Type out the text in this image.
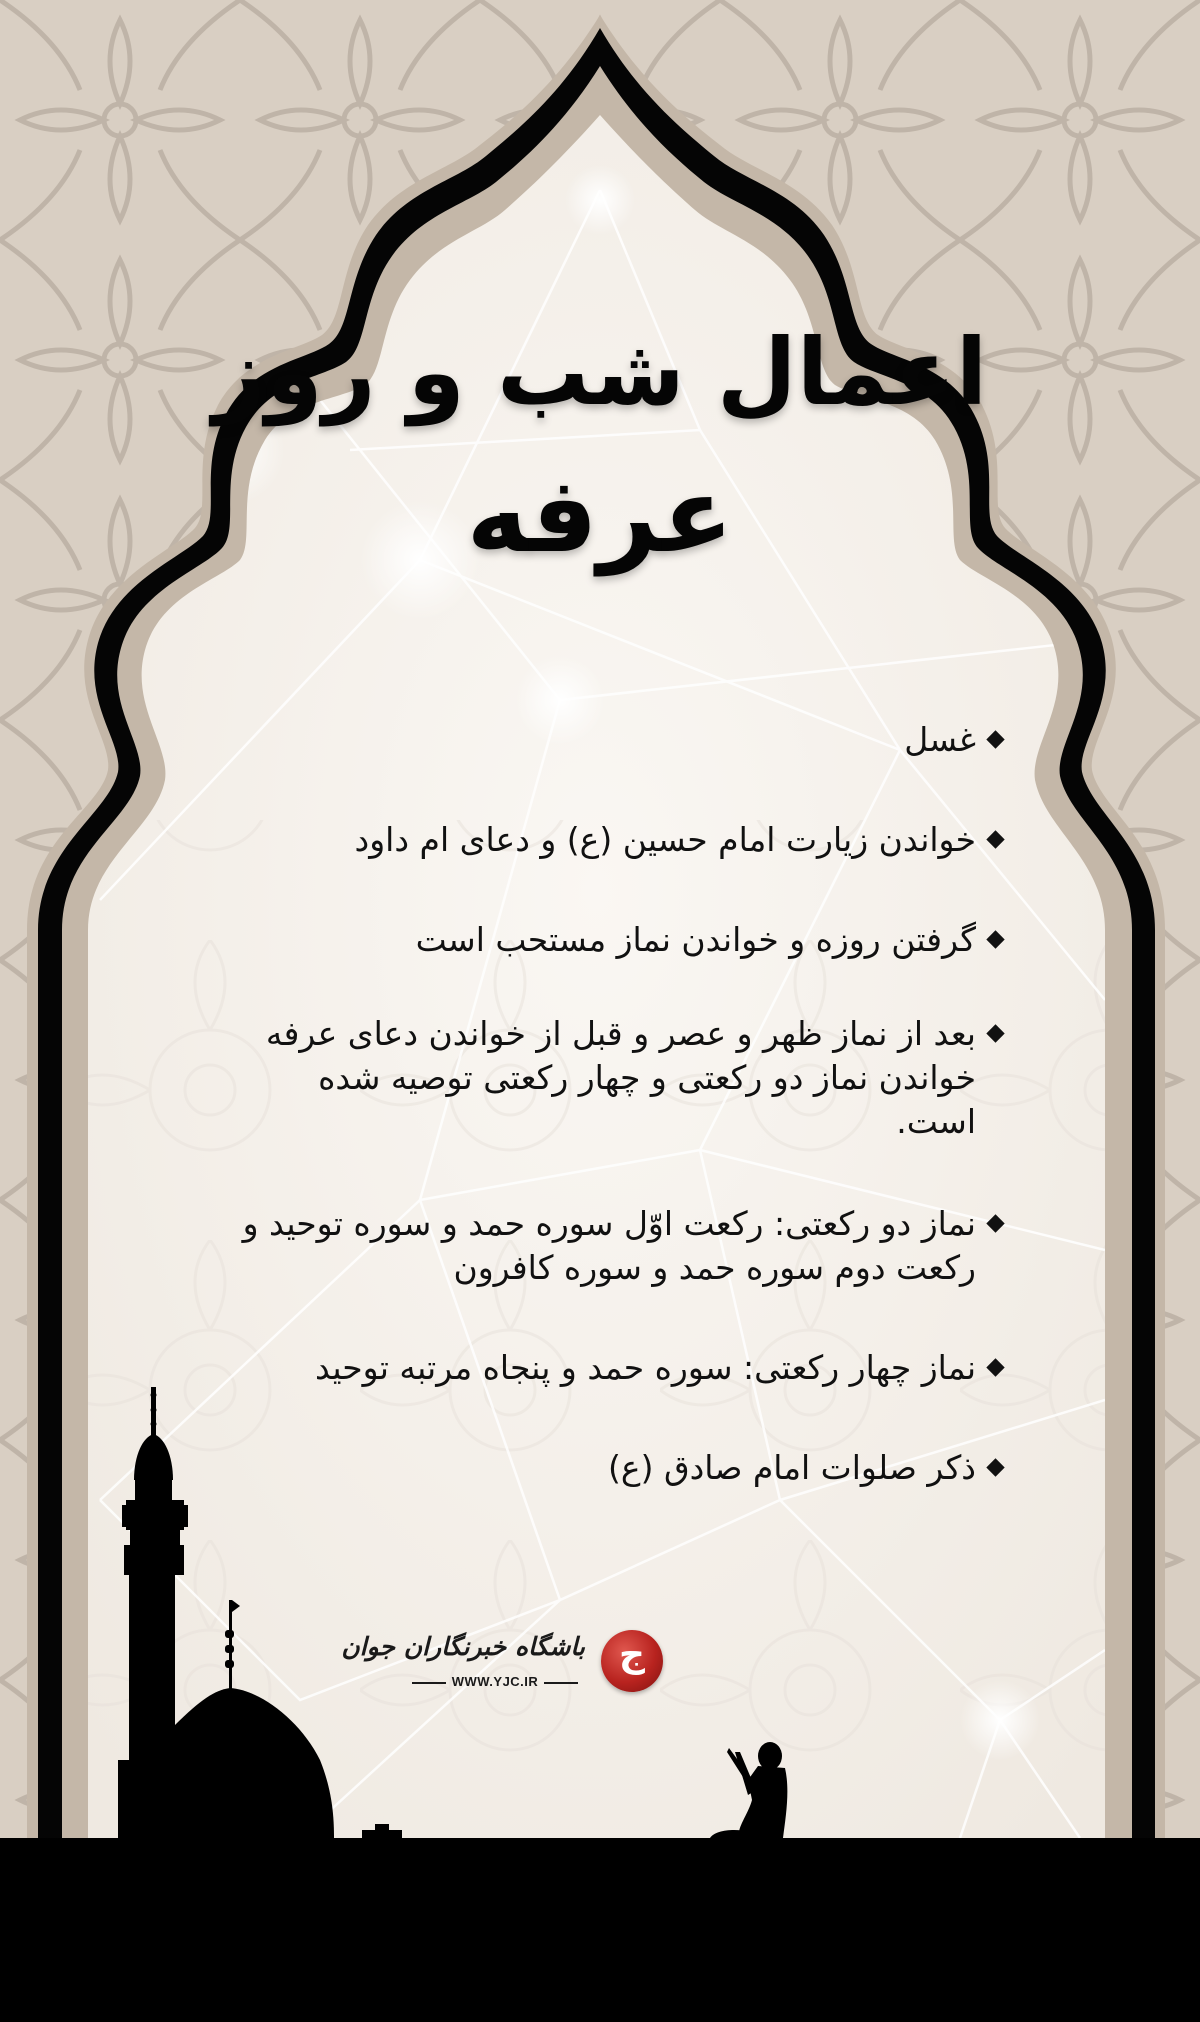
اعمال شب و روز
عرفه
غسل
خواندن زیارت امام حسین (ع) و دعای ام داود
گرفتن روزه و خواندن نماز مستحب است
بعد از نماز ظهر و عصر و قبل از خواندن دعای عرفه خواندن نماز دو رکعتی و چهار رکعتی توصیه شده است.
نماز دو رکعتی: رکعت اوّل سوره حمد و سوره توحید و رکعت دوم سوره حمد و سوره کافرون
نماز چهار رکعتی: سوره حمد و پنجاه مرتبه توحید
ذکر صلوات امام صادق (ع)
باشگاه خبرنگاران جوان
WWW.YJC.IR
ج
